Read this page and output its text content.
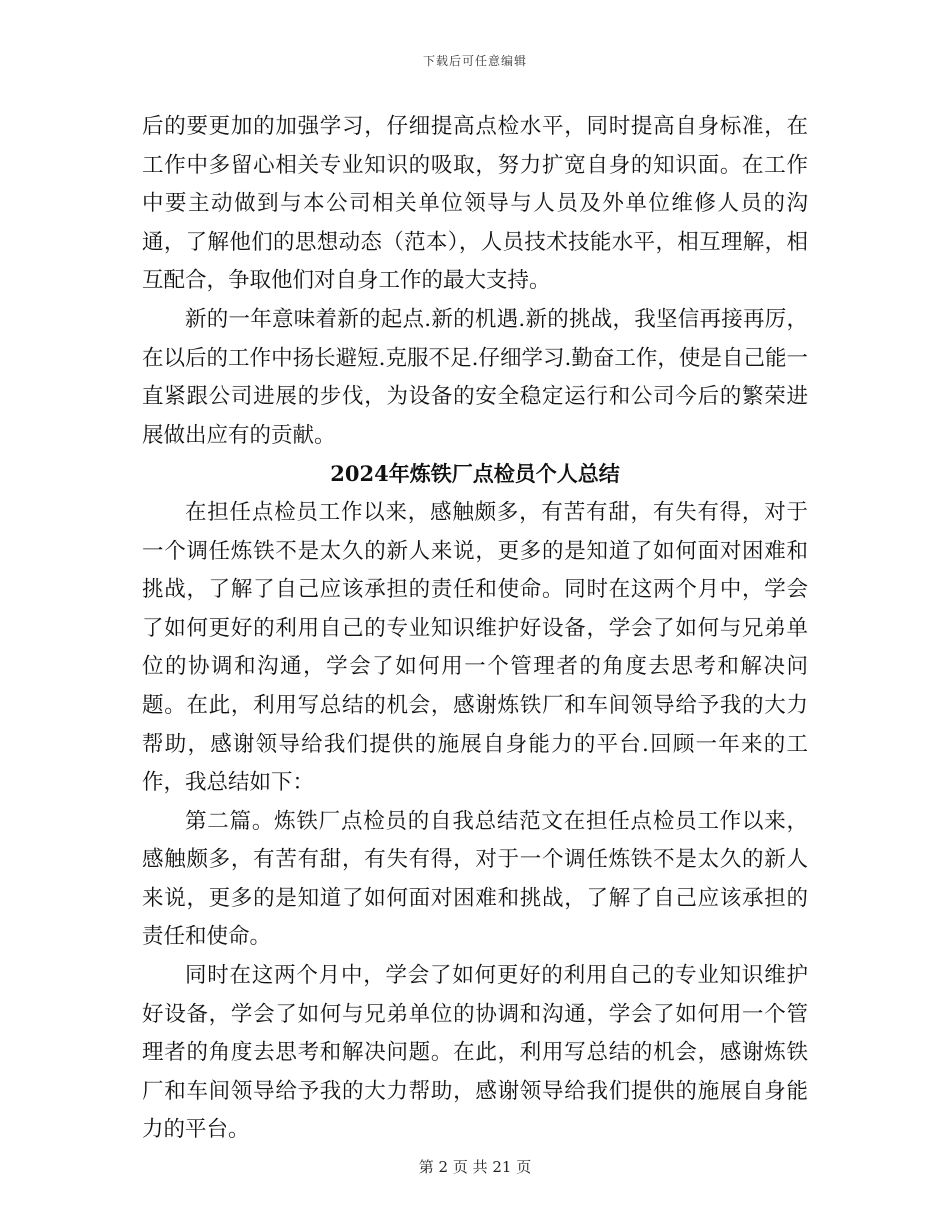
下载后可任意编辑

后的要更加的加强学习，仔细提高点检水平，同时提高自身标准，在工作中多留心相关专业知识的吸取，努力扩宽自身的知识面。在工作中要主动做到与本公司相关单位领导与人员及外单位维修人员的沟通，了解他们的思想动态（范本），人员技术技能水平，相互理解，相互配合，争取他们对自身工作的最大支持。

新的一年意味着新的起点.新的机遇.新的挑战，我坚信再接再厉，在以后的工作中扬长避短.克服不足.仔细学习.勤奋工作，使是自己能一直紧跟公司进展的步伐，为设备的安全稳定运行和公司今后的繁荣进展做出应有的贡献。

2024年炼铁厂点检员个人总结

在担任点检员工作以来，感触颇多，有苦有甜，有失有得，对于一个调任炼铁不是太久的新人来说，更多的是知道了如何面对困难和挑战，了解了自己应该承担的责任和使命。同时在这两个月中，学会了如何更好的利用自己的专业知识维护好设备，学会了如何与兄弟单位的协调和沟通，学会了如何用一个管理者的角度去思考和解决问题。在此，利用写总结的机会，感谢炼铁厂和车间领导给予我的大力帮助，感谢领导给我们提供的施展自身能力的平台.回顾一年来的工作，我总结如下：

第二篇。炼铁厂点检员的自我总结范文在担任点检员工作以来，感触颇多，有苦有甜，有失有得，对于一个调任炼铁不是太久的新人来说，更多的是知道了如何面对困难和挑战，了解了自己应该承担的责任和使命。

同时在这两个月中，学会了如何更好的利用自己的专业知识维护好设备，学会了如何与兄弟单位的协调和沟通，学会了如何用一个管理者的角度去思考和解决问题。在此，利用写总结的机会，感谢炼铁厂和车间领导给予我的大力帮助，感谢领导给我们提供的施展自身能力的平台。

第 2 页 共 21 页
